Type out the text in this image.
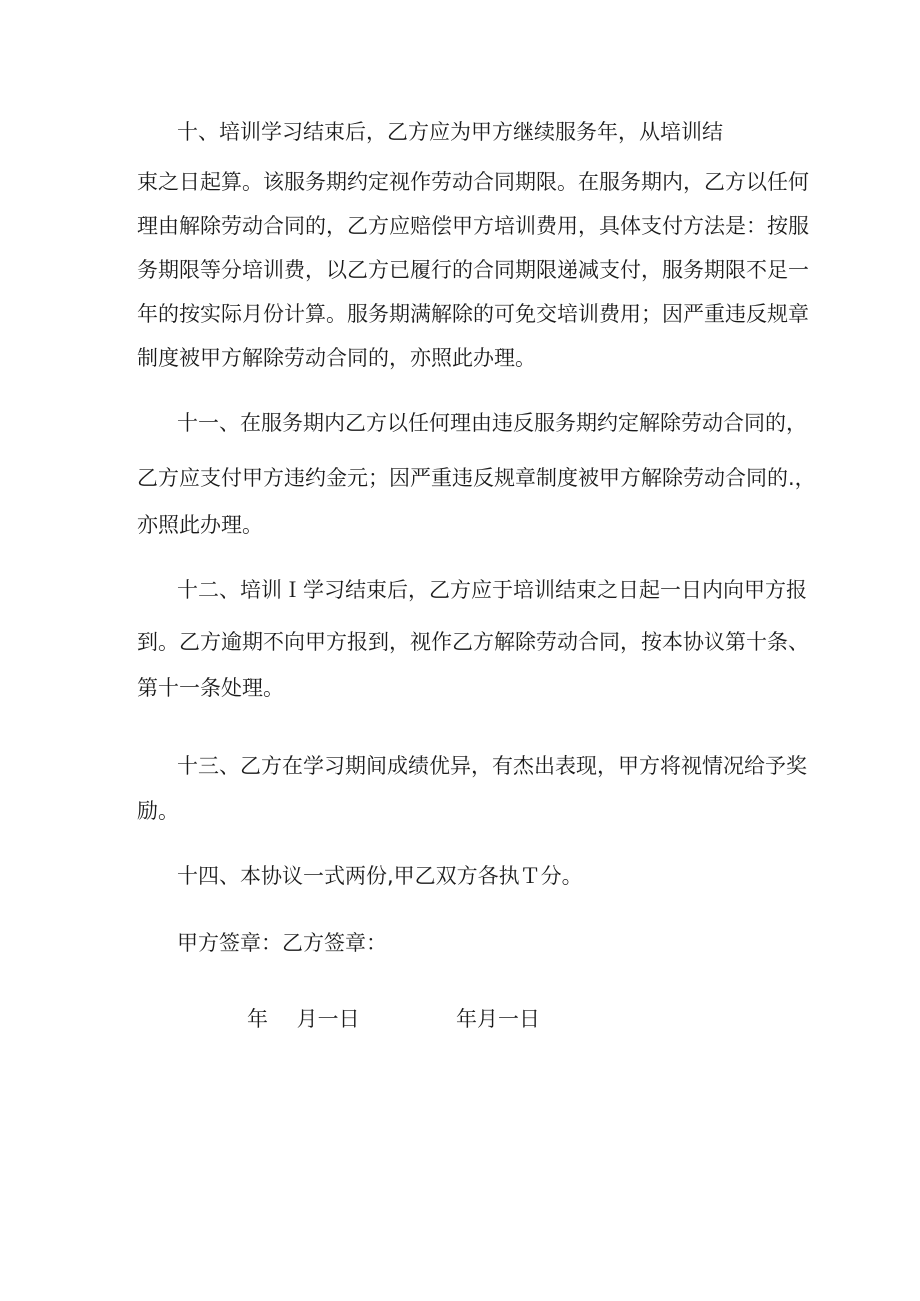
十、培训学习结束后，乙方应为甲方继续服务年，从培训结
束之日起算。该服务期约定视作劳动合同期限。在服务期内，乙方以任何
理由解除劳动合同的，乙方应赔偿甲方培训费用，具体支付方法是：按服
务期限等分培训费，以乙方已履行的合同期限递减支付，服务期限不足一
年的按实际月份计算。服务期满解除的可免交培训费用；因严重违反规章
制度被甲方解除劳动合同的，亦照此办理。
十一、在服务期内乙方以任何理由违反服务期约定解除劳动合同的，
乙方应支付甲方违约金元；因严重违反规章制度被甲方解除劳动合同的.，
亦照此办理。
十二、培训Ｉ学习结束后，乙方应于培训结束之日起一日内向甲方报
到。乙方逾期不向甲方报到，视作乙方解除劳动合同，按本协议第十条、
第十一条处理。
十三、乙方在学习期间成绩优异，有杰出表现，甲方将视情况给予奖
励。
十四、本协议一式两份,甲乙双方各执Ｔ分。
甲方签章：乙方签章：
年 月一日	年月一日
